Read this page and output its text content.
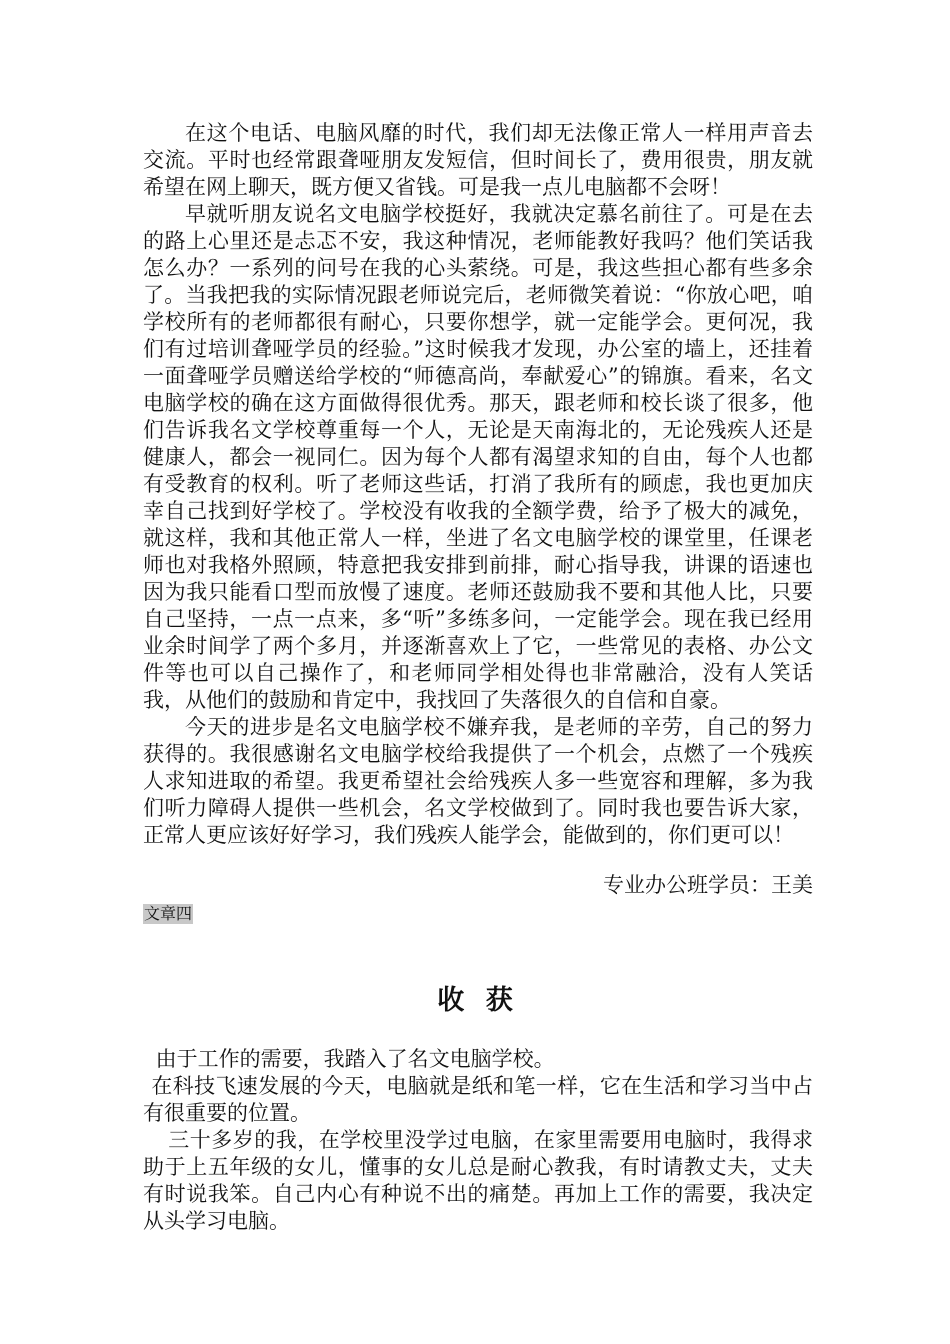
在这个电话、电脑风靡的时代，我们却无法像正常人一样用声音去交流。平时也经常跟聋哑朋友发短信，但时间长了，费用很贵，朋友就希望在网上聊天，既方便又省钱。可是我一点儿电脑都不会呀！

早就听朋友说名文电脑学校挺好，我就决定慕名前往了。可是在去的路上心里还是忐忑不安，我这种情况，老师能教好我吗？他们笑话我怎么办？一系列的问号在我的心头萦绕。可是，我这些担心都有些多余了。当我把我的实际情况跟老师说完后，老师微笑着说：“你放心吧，咱学校所有的老师都很有耐心，只要你想学，就一定能学会。更何况，我们有过培训聋哑学员的经验。”这时候我才发现，办公室的墙上，还挂着一面聋哑学员赠送给学校的“师德高尚，奉献爱心”的锦旗。看来，名文电脑学校的确在这方面做得很优秀。那天，跟老师和校长谈了很多，他们告诉我名文学校尊重每一个人，无论是天南海北的，无论残疾人还是健康人，都会一视同仁。因为每个人都有渴望求知的自由，每个人也都有受教育的权利。听了老师这些话，打消了我所有的顾虑，我也更加庆幸自己找到好学校了。学校没有收我的全额学费，给予了极大的减免，就这样，我和其他正常人一样，坐进了名文电脑学校的课堂里，任课老师也对我格外照顾，特意把我安排到前排，耐心指导我，讲课的语速也因为我只能看口型而放慢了速度。老师还鼓励我不要和其他人比，只要自己坚持，一点一点来，多“听”多练多问，一定能学会。现在我已经用业余时间学了两个多月，并逐渐喜欢上了它，一些常见的表格、办公文件等也可以自己操作了，和老师同学相处得也非常融洽，没有人笑话我，从他们的鼓励和肯定中，我找回了失落很久的自信和自豪。

今天的进步是名文电脑学校不嫌弃我，是老师的辛劳，自己的努力获得的。我很感谢名文电脑学校给我提供了一个机会，点燃了一个残疾人求知进取的希望。我更希望社会给残疾人多一些宽容和理解，多为我们听力障碍人提供一些机会，名文学校做到了。同时我也要告诉大家，正常人更应该好好学习，我们残疾人能学会，能做到的，你们更可以！

专业办公班学员：王美

文章四
收 获

由于工作的需要，我踏入了名文电脑学校。

在科技飞速发展的今天，电脑就是纸和笔一样，它在生活和学习当中占有很重要的位置。

三十多岁的我，在学校里没学过电脑，在家里需要用电脑时，我得求助于上五年级的女儿，懂事的女儿总是耐心教我，有时请教丈夫，丈夫有时说我笨。自己内心有种说不出的痛楚。再加上工作的需要，我决定从头学习电脑。
